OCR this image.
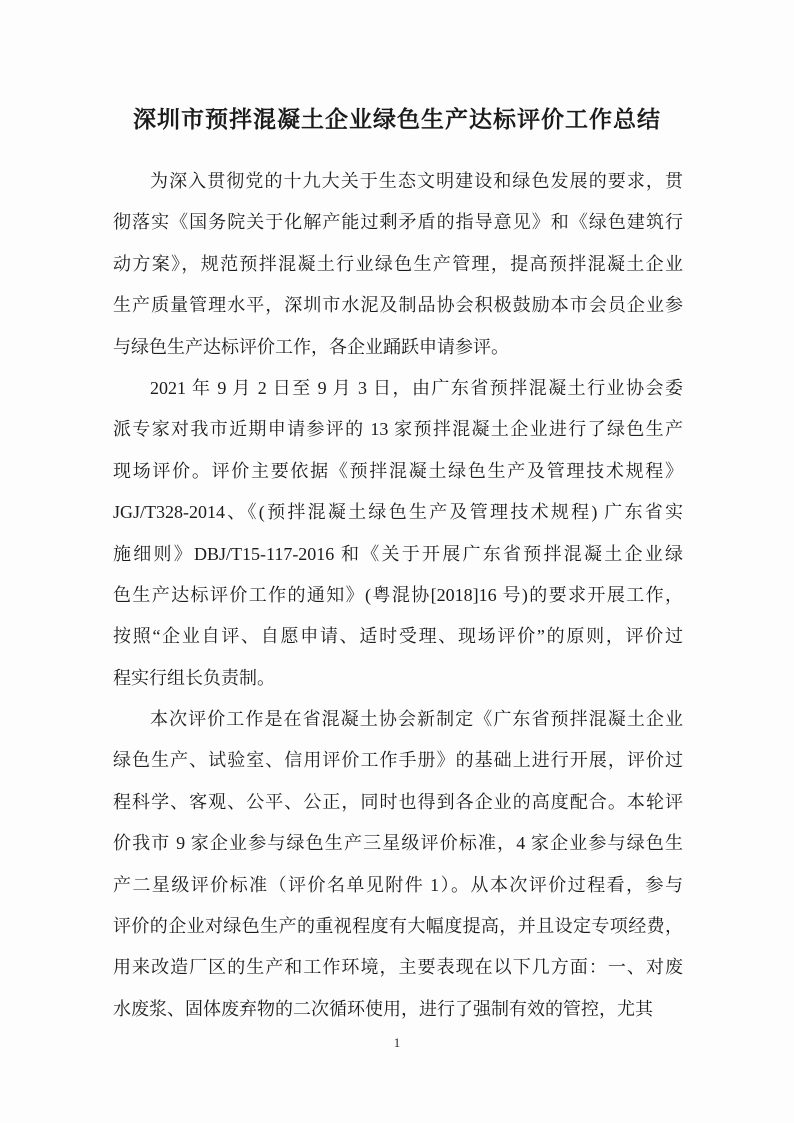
深圳市预拌混凝土企业绿色生产达标评价工作总结
为深入贯彻党的十九大关于生态文明建设和绿色发展的要求，贯
彻落实《国务院关于化解产能过剩矛盾的指导意见》和《绿色建筑行
动方案》，规范预拌混凝土行业绿色生产管理，提高预拌混凝土企业
生产质量管理水平，深圳市水泥及制品协会积极鼓励本市会员企业参
与绿色生产达标评价工作，各企业踊跃申请参评。
2021 年 9 月 2 日至 9 月 3 日，由广东省预拌混凝土行业协会委
派专家对我市近期申请参评的 13 家预拌混凝土企业进行了绿色生产
现场评价。评价主要依据《预拌混凝土绿色生产及管理技术规程》
JGJ/T328-2014、《(预拌混凝土绿色生产及管理技术规程) 广东省实
施细则》DBJ/T15-117-2016 和《关于开展广东省预拌混凝土企业绿
色生产达标评价工作的通知》(粤混协[2018]16 号)的要求开展工作，
按照“企业自评、自愿申请、适时受理、现场评价”的原则，评价过
程实行组长负责制。
本次评价工作是在省混凝土协会新制定《广东省预拌混凝土企业
绿色生产、试验室、信用评价工作手册》的基础上进行开展，评价过
程科学、客观、公平、公正，同时也得到各企业的高度配合。本轮评
价我市 9 家企业参与绿色生产三星级评价标准，4 家企业参与绿色生
产二星级评价标准（评价名单见附件 1）。从本次评价过程看，参与
评价的企业对绿色生产的重视程度有大幅度提高，并且设定专项经费，
用来改造厂区的生产和工作环境，主要表现在以下几方面：一、对废
水废浆、固体废弃物的二次循环使用，进行了强制有效的管控，尤其
1
